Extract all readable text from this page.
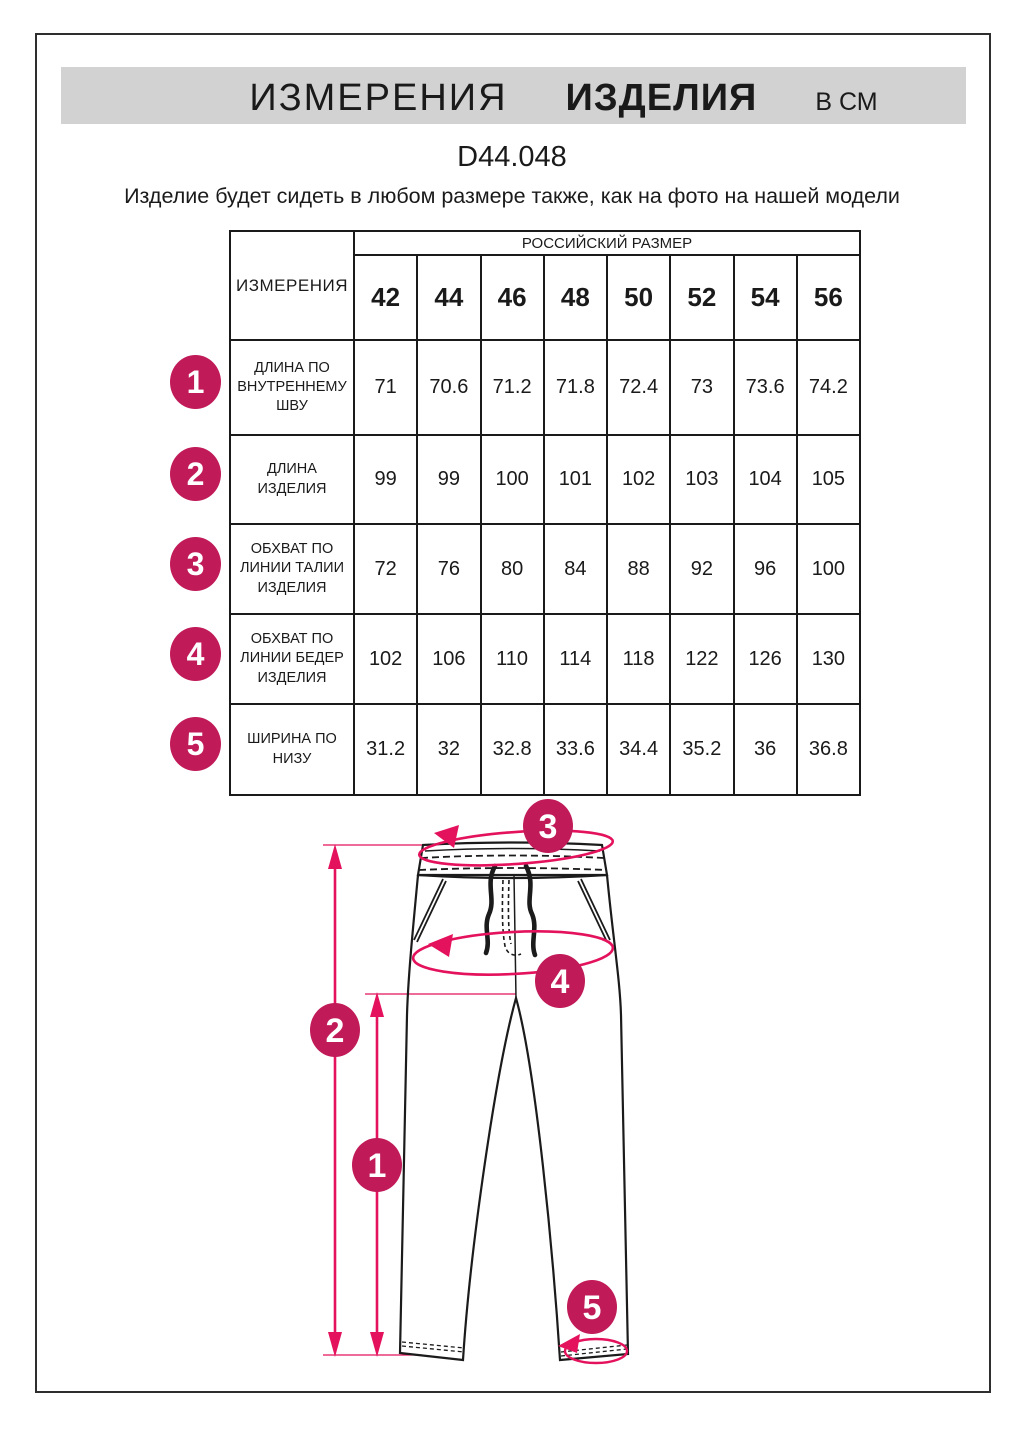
ИЗМЕРЕНИЯ ИЗДЕЛИЯ В СМ
D44.048
Изделие будет сидеть в любом размере также, как на фото на нашей модели
ИЗМЕРЕНИЯ	РОССИЙСКИЙ РАЗМЕР							
	42	44	46	48	50	52	54	56
ДЛИНА ПО ВНУТРЕННЕМУ ШВУ	71	70.6	71.2	71.8	72.4	73	73.6	74.2
ДЛИНА ИЗДЕЛИЯ	99	99	100	101	102	103	104	105
ОБХВАТ ПО ЛИНИИ ТАЛИИ ИЗДЕЛИЯ	72	76	80	84	88	92	96	100
ОБХВАТ ПО ЛИНИИ БЕДЕР ИЗДЕЛИЯ	102	106	110	114	118	122	126	130
ШИРИНА ПО НИЗУ	31.2	32	32.8	33.6	34.4	35.2	36	36.8
1
2
3
4
5
3
4
2
1
5
